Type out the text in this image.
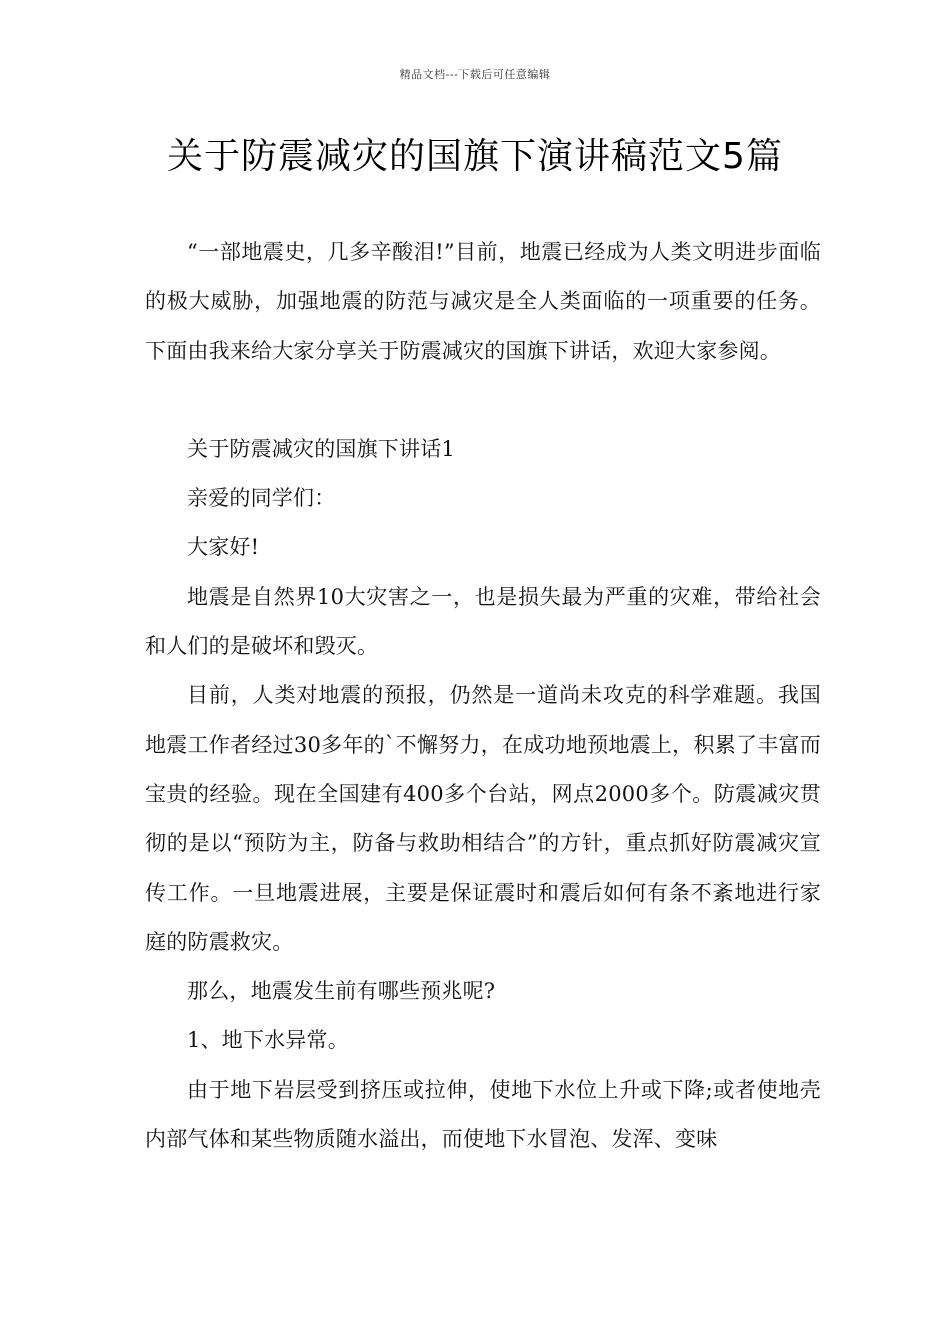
精品文档---下载后可任意编辑
关于防震减灾的国旗下演讲稿范文5篇

“一部地震史，几多辛酸泪!”目前，地震已经成为人类文明进步面临的极大威胁，加强地震的防范与减灾是全人类面临的一项重要的任务。下面由我来给大家分享关于防震减灾的国旗下讲话，欢迎大家参阅。

关于防震减灾的国旗下讲话1

亲爱的同学们：

大家好!

地震是自然界10大灾害之一，也是损失最为严重的灾难，带给社会和人们的是破坏和毁灭。

目前，人类对地震的预报，仍然是一道尚未攻克的科学难题。我国地震工作者经过30多年的`不懈努力，在成功地预地震上，积累了丰富而宝贵的经验。现在全国建有400多个台站，网点2000多个。防震减灾贯彻的是以“预防为主，防备与救助相结合”的方针，重点抓好防震减灾宣传工作。一旦地震进展，主要是保证震时和震后如何有条不紊地进行家庭的防震救灾。

那么，地震发生前有哪些预兆呢?

1、地下水异常。

由于地下岩层受到挤压或拉伸，使地下水位上升或下降;或者使地壳内部气体和某些物质随水溢出，而使地下水冒泡、发浑、变味
